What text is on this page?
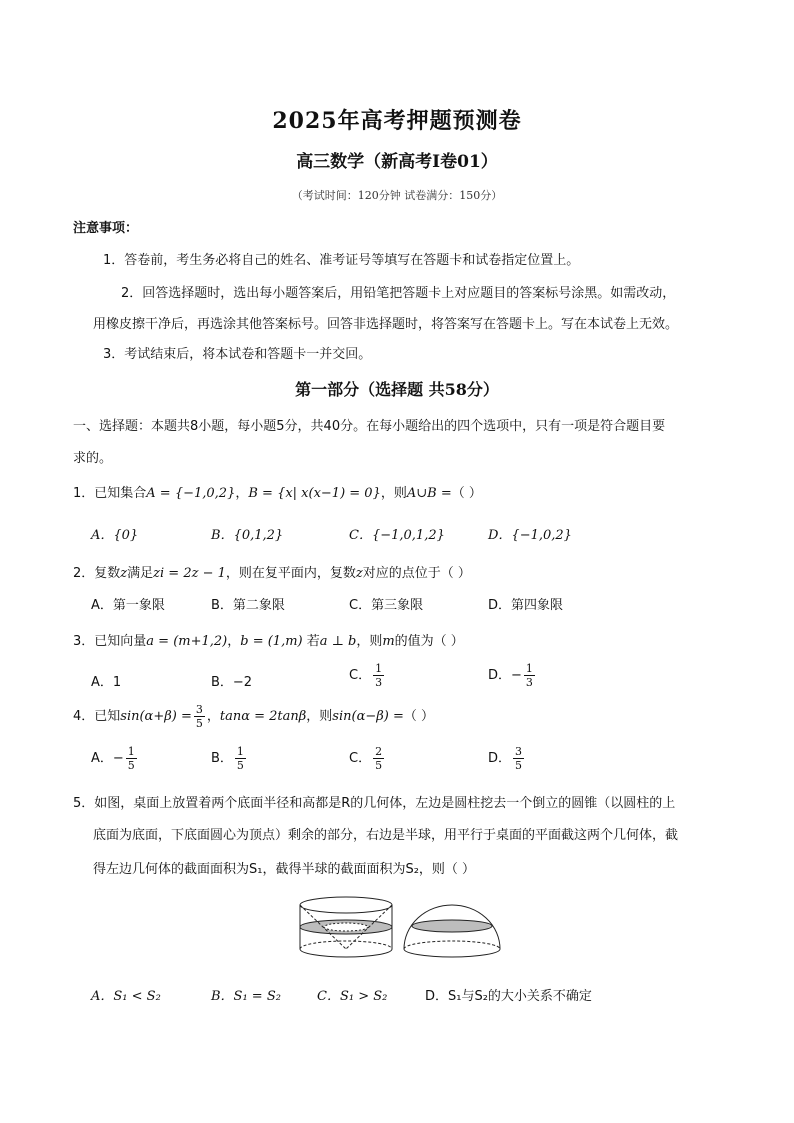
2025年高考押题预测卷
高三数学（新高考Ⅰ卷01）
（考试时间：120分钟 试卷满分：150分）
注意事项：
1．答卷前，考生务必将自己的姓名、准考证号等填写在答题卡和试卷指定位置上。
2．回答选择题时，选出每小题答案后，用铅笔把答题卡上对应题目的答案标号涂黑。如需改动，
用橡皮擦干净后，再选涂其他答案标号。回答非选择题时，将答案写在答题卡上。写在本试卷上无效。
3．考试结束后，将本试卷和答题卡一并交回。
第一部分（选择题 共58分）
一、选择题：本题共8小题，每小题5分，共40分。在每小题给出的四个选项中，只有一项是符合题目要
求的。
1．已知集合A = {−1,0,2}，B = {x| x(x−1) = 0}，则A∪B =（ ）
A．{0}	B．{0,1,2}	C．{−1,0,1,2}	D．{−1,0,2}
2．复数z满足zi = 2z − 1，则在复平面内，复数z对应的点位于（ ）
A．第一象限	B．第二象限	C．第三象限	D．第四象限
3．已知向量a = (m+1,2)，b = (1,m) 若a ⊥ b，则m的值为（ ）
A．1	B．−2	C． $\frac{1}{3}$	D．− $\frac{1}{3}$
4．已知$\sin(\alpha+\beta) = \frac{3}{5}$ ，tanα = 2tanβ，则sin(α−β) =（ ）
A．− $\frac{1}{5}$	B． $\frac{1}{5}$	C． $\frac{2}{5}$	D． $\frac{3}{5}$
5．如图，桌面上放置着两个底面半径和高都是R的几何体，左边是圆柱挖去一个倒立的圆锥（以圆柱的上
底面为底面，下底面圆心为顶点）剩余的部分，右边是半球，用平行于桌面的平面截这两个几何体，截
得左边几何体的截面面积为S₁，截得半球的截面面积为S₂，则（ ）
A．S₁ < S₂	B．S₁ = S₂	C．S₁ > S₂	D．S₁与S₂的大小关系不确定
